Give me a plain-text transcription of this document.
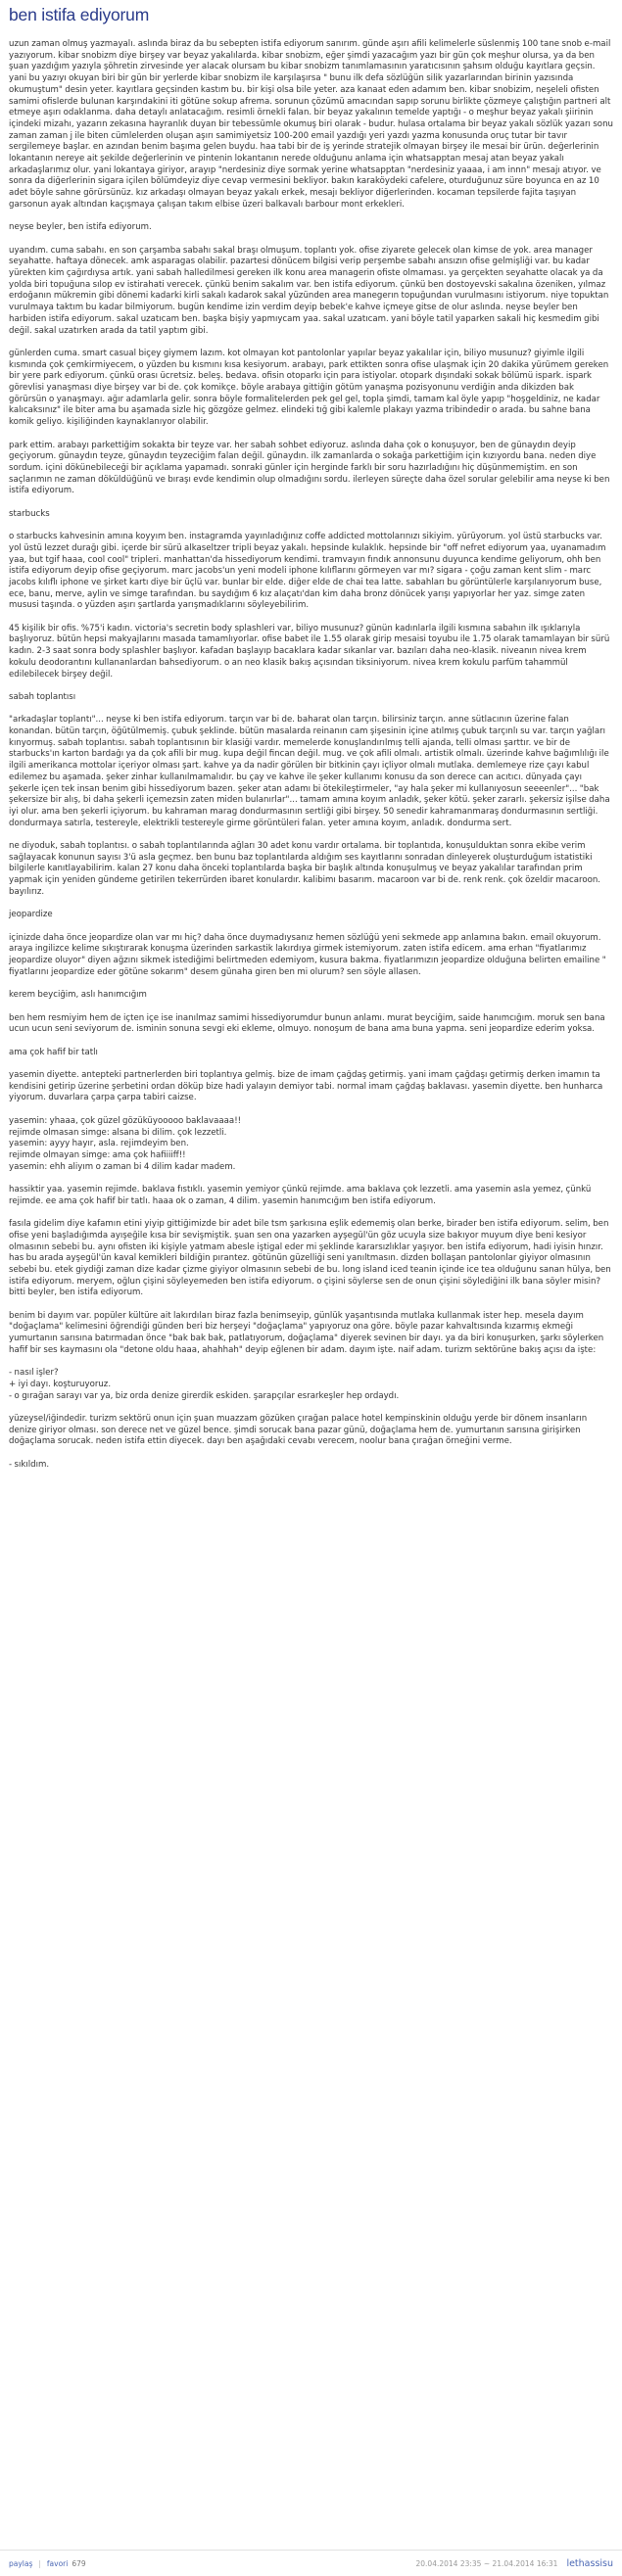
ben istifa ediyorum

uzun zaman olmuş yazmayalı. aslında biraz da bu sebepten istifa ediyorum sanırım. günde aşırı afili kelimelerle süslenmiş 100 tane snob e-mail yazıyorum. kibar snobizm diye birşey var beyaz yakalılarda. kibar snobizm, eğer şimdi yazacağım yazı bir gün çok meşhur olursa, ya da ben şuan yazdığım yazıyla şöhretin zirvesinde yer alacak olursam bu kibar snobizm tanımlamasının yaratıcısının şahsım olduğu kayıtlara geçsin. yani bu yazıyı okuyan biri bir gün bir yerlerde kibar snobizm ile karşılaşırsa " bunu ilk defa sözlüğün silik yazarlarından birinin yazısında okumuştum" desin yeter. kayıtlara geçsinden kastım bu. bir kişi olsa bile yeter. aza kanaat eden adamım ben. kibar snobizim, neşeleli ofisten samimi ofislerde bulunan karşındakini iti götüne sokup afrema. sorunun çözümü amacından sapıp sorunu birlikte çözmeye çalıştığın partneri alt etmeye aşırı odaklanma. daha detaylı anlatacağım. resimli örnekli falan. bir beyaz yakalının temelde yaptığı - o meşhur beyaz yakalı şiirinin içindeki mizahı, yazarın zekasına hayranlık duyan bir tebessümle okumuş biri olarak - budur. hulasa ortalama bir beyaz yakalı sözlük yazarı sonu zaman zaman j ile biten cümlelerden oluşan aşırı samimiyetsiz 100-200 email yazdığı yeri yazdı yazma konusunda oruç tutar bir tavır sergilemeye başlar. en azından benim başıma gelen buydu. haa tabi bir de iş yerinde stratejik olmayan birşey ile mesai bir ürün. değerlerinin lokantanın nereye ait şekilde değerlerinin ve pintenin lokantanın nerede olduğunu anlama için whatsapptan mesaj atan beyaz yakalı arkadaşlarımız olur. yani lokantaya giriyor, arayıp "nerdesiniz diye sormak yerine whatsapptan "nerdesiniz yaaaa, i am innn" mesajı atıyor. ve sonra da diğerlerinin sigara içilen bölümdeyiz diye cevap vermesini bekliyor. bakın karaköydeki cafelere, oturduğunuz süre boyunca en az 10 adet böyle sahne görürsünüz. kız arkadaşı olmayan beyaz yakalı erkek, mesajı bekliyor diğerlerinden. kocaman tepsilerde fajita taşıyan garsonun ayak altından kaçışmaya çalışan takım elbise üzeri balkavalı barbour mont erkekleri.

neyse beyler, ben istifa ediyorum.

uyandım. cuma sabahı. en son çarşamba sabahı sakal braşı olmuşum. toplantı yok. ofise ziyarete gelecek olan kimse de yok. area manager seyahatte. haftaya dönecek. amk asparagas olabilir. pazartesi dönücem bilgisi verip perşembe sabahı ansızın ofise gelmişliği var. bu kadar yürekten kim çağırdıysa artık. yani sabah halledilmesi gereken ilk konu area managerin ofiste olmaması. ya gerçekten seyahatte olacak ya da yolda biri topuğuna sılop ev istirahati verecek. çünkü benim sakalım var. ben istifa ediyorum. çünkü ben dostoyevski sakalına özeniken, yılmaz erdoğanın mükremin gibi dönemi kadarki kirli sakalı kadarok sakal yüzünden area manegerın topuğundan vurulmasını istiyorum. niye topuktan vurulmaya taktım bu kadar bilmiyorum. bugün kendime izin verdim deyip bebek'e kahve içmeye gitse de olur aslında. neyse beyler ben harbiden istifa ediyorum. sakal uzatıcam ben. başka bişiy yapmıycam yaa. sakal uzatıcam. yani böyle tatil yaparken sakali hiç kesmedim gibi değil. sakal uzatırken arada da tatil yaptım gibi.

günlerden cuma. smart casual biçey giymem lazım. kot olmayan kot pantolonlar yapılar beyaz yakalılar için, biliyo musunuz? giyimle ilgili kısmında çok çemkirmiyecem, o yüzden bu kısmını kısa kesiyorum. arabayı, park ettikten sonra ofise ulaşmak için 20 dakika yürümem gereken bir yere park ediyorum. çünkü orası ücretsiz. beleş. bedava. ofisin otoparkı için para istiyolar. otopark dışındaki sokak bölümü ispark. ispark görevlisi yanaşması diye birşey var bi de. çok komikçe. böyle arabaya gittiğin götüm yanaşma pozisyonunu verdiğin anda dikizden bak görürsün o yanaşmayı. ağır adamlarla gelir. sonra böyle formalitelerden pek gel gel, topla şimdi, tamam kal öyle yapıp "hoşgeldiniz, ne kadar kalıcaksınız" ile biter ama bu aşamada sizle hiç gözgöze gelmez. elindeki tığ gibi kalemle plakayı yazma tribindedir o arada. bu sahne bana komik geliyo. kişiliğinden kaynaklanıyor olabilir.

park ettim. arabayı parkettiğim sokakta bir teyze var. her sabah sohbet ediyoruz. aslında daha çok o konuşuyor, ben de günaydın deyip geçiyorum. günaydın teyze, günaydın teyzeciğim falan değil. günaydın. ilk zamanlarda o sokağa parkettiğim için kızıyordu bana. neden diye sordum. içini dökünebileceği bir açıklama yapamadı. sonraki günler için herginde farklı bir soru hazırladığını hiç düşünmemiştim. en son saçlarımın ne zaman döküldüğünü ve bıraşı evde kendimin olup olmadığını sordu. ilerleyen süreçte daha özel sorular gelebilir ama neyse ki ben istifa ediyorum.

starbucks

o starbucks kahvesinin amına koyyım ben. instagramda yayınladığınız coffe addicted mottolarınızı sikiyim. yürüyorum. yol üstü starbucks var. yol üstü lezzet durağı gibi. içerde bir sürü alkaseltzer tripli beyaz yakalı. hepsinde kulaklık. hepsinde bir "off nefret ediyorum yaa, uyanamadım yaa, but tgif haaa, cool cool" tripleri. manhattan'da hissediyorum kendimi. tramvayın fındık annonsunu duyunca kendime geliyorum, ohh ben istifa ediyorum deyip ofise geçiyorum. marc jacobs'un yeni modeli iphone kılıflarını görmeyen var mı? sigara - çoğu zaman kent slim - marc jacobs kılıflı iphone ve şirket kartı diye bir üçlü var. bunlar bir elde. diğer elde de chai tea latte. sabahları bu görüntülerle karşılanıyorum buse, ece, banu, merve, aylin ve simge tarafından. bu saydığım 6 kız alaçatı'dan kim daha bronz dönücek yarışı yapıyorlar her yaz. simge zaten mususi taşında. o yüzden aşırı şartlarda yarışmadıklarını söyleyebilirim.

45 kişilik bir ofis. %75'i kadın. victoria's secretin body splashleri var, biliyo musunuz? günün kadınlarla ilgili kısmına sabahın ilk ışıklarıyla başlıyoruz. bütün hepsi makyajlarını masada tamamlıyorlar. ofise babet ile 1.55 olarak girip mesaisi toyubu ile 1.75 olarak tamamlayan bir sürü kadın. 2-3 saat sonra body splashler başlıyor. kafadan başlayıp bacaklara kadar sıkanlar var. bazıları daha neo-klasik. niveanın nivea krem kokulu deodorantını kullananlardan bahsediyorum. o an neo klasik bakış açısından tiksiniyorum. nivea krem kokulu parfüm tahammül edilebilecek birşey değil.

sabah toplantısı

"arkadaşlar toplantı"... neyse ki ben istifa ediyorum. tarçın var bi de. baharat olan tarçın. bilirsiniz tarçın. anne sütlacının üzerine falan konandan. bütün tarçın, öğütülmemiş. çubuk şeklinde. bütün masalarda reinanın cam şişesinin içine atılmış çubuk tarçınlı su var. tarçın yağları kınyormuş. sabah toplantısı. sabah toplantısının bir klasiği vardır. memelerde konuşlandırılmış telli ajanda, telli olması şarttır. ve bir de starbucks'ın karton bardağı ya da çok afili bir mug. kupa değil fincan değil. mug. ve çok afili olmalı. artistik olmalı. üzerinde kahve bağımlılığı ile ilgili amerikanca mottolar içeriyor olması şart. kahve ya da nadir görülen bir bitkinin çayı içliyor olmalı mutlaka. demlemeye rize çayı kabul edilemez bu aşamada. şeker zinhar kullanılmamalıdır. bu çay ve kahve ile şeker kullanımı konusu da son derece can acıtıcı. dünyada çayı şekerle içen tek insan benim gibi hissediyorum bazen. şeker atan adamı bi ötekileştirmeler, "ay hala şeker mi kullanıyosun seeeenler"... "bak şekersize bir alış, bi daha şekerli içemezsin zaten miden bulanırlar"... tamam amına koyım anladık, şeker kötü. şeker zararlı. şekersiz işilse daha iyi olur. ama ben şekerli içiyorum. bu kahraman marag dondurmasının sertliği gibi birşey. 50 senedir kahramanmaraş dondurmasının sertliği. dondurmaya satırla, testereyle, elektrikli testereyle girme görüntüleri falan. yeter amına koyım, anladık. dondurma sert.

ne diyoduk, sabah toplantısı. o sabah toplantılarında ağları 30 adet konu vardır ortalama. bir toplantıda, konuşulduktan sonra ekibe verim sağlayacak konunun sayısı 3'ü asla geçmez. ben bunu baz toplantılarda aldığım ses kayıtlarını sonradan dinleyerek oluşturduğum istatistiki bilgilerle kanıtlayabilirim. kalan 27 konu daha önceki toplantılarda başka bir başlık altında konuşulmuş ve beyaz yakalılar tarafından prim yapmak için yeniden gündeme getirilen tekerrürden ibaret konulardır. kalibimı basarım. macaroon var bi de. renk renk. çok özeldir macaroon. bayılırız.

jeopardize

içinizde daha önce jeopardize olan var mı hiç? daha önce duymadıysanız hemen sözlüğü yeni sekmede app anlamına bakın. email okuyorum. araya ingilizce kelime sıkıştırarak konuşma üzerinden sarkastik lakırdıya girmek istemiyorum. zaten istifa edicem. ama erhan "fiyatlarımız jeopardize oluyor" diyen ağzını sikmek istediğimi belirtmeden edemiyom, kusura bakma. fiyatlarımızın jeopardize olduğuna belirten emailine " fiyatlarını jeopardize eder götüne sokarım" desem günaha giren ben mi olurum? sen söyle allasen.

kerem beyciğim, aslı hanımcığım

ben hem resmiyim hem de içten içe ise inanılmaz samimi hissediyorumdur bunun anlamı. murat beyciğim, saide hanımcığım. moruk sen bana ucun ucun seni seviyorum de. isminin sonuna sevgi eki ekleme, olmuyo. nonoşum de bana ama buna yapma. seni jeopardize ederim yoksa.

ama çok hafif bir tatlı

yasemin diyette. antepteki partnerlerden biri toplantıya gelmiş. bize de imam çağdaş getirmiş. yani imam çağdaşı getirmiş derken imamın ta kendisini getirip üzerine şerbetini ordan döküp bize hadi yalayın demiyor tabi. normal imam çağdaş baklavası. yasemin diyette. ben hunharca yiyorum. duvarlara çarpa çarpa tabiri caizse.

yasemin: yhaaa, çok güzel gözüküyooooo baklavaaaa!!
rejimde olmasan simge: alsana bi dilim. çok lezzetli.
yasemin: ayyy hayır, asla. rejimdeyim ben.
rejimde olmayan simge: ama çok hafiiiiff!!
yasemin: ehh aliyım o zaman bi 4 dilim kadar madem.

hassiktir yaa. yasemin rejimde. baklava fıstıklı. yasemin yemiyor çünkü rejimde. ama baklava çok lezzetli. ama yasemin asla yemez, çünkü rejimde. ee ama çok hafif bir tatlı. haaa ok o zaman, 4 dilim. yasemin hanımcığım ben istifa ediyorum.

fasıla gidelim diye kafamın etini yiyip gittiğimizde bir adet bile tsm şarkısına eşlik edememiş olan berke, birader ben istifa ediyorum. selim, ben ofise yeni başladığımda ayışeğile kısa bir sevişmiştik. şuan sen ona yazarken ayşegül'ün göz ucuyla size bakıyor muyum diye beni kesiyor olmasının sebebi bu. aynı ofisten iki kişiyle yatmam abesle iştigal eder mi şeklinde kararsızlıklar yaşıyor. ben istifa ediyorum, hadi iyisin hınzır. has bu arada ayşegül'ün kaval kemikleri bildiğin pırantez. götünün güzelliği seni yanıltmasın. dizden bollaşan pantolonlar giyiyor olmasının sebebi bu. etek giydiği zaman dize kadar çizme giyiyor olmasının sebebi de bu. long island iced teanin içinde ice tea olduğunu sanan hülya, ben istifa ediyorum. meryem, oğlun çişini söyleyemeden ben istifa ediyorum. o çişini söylerse sen de onun çişini söylediğini ilk bana söyler misin? bitti beyler, ben istifa ediyorum.

benim bi dayım var. popüler kültüre ait lakırdıları biraz fazla benimseyip, günlük yaşantısında mutlaka kullanmak ister hep. mesela dayım "doğaçlama" kelimesini öğrendiği günden beri biz herşeyi "doğaçlama" yapıyoruz ona göre. böyle pazar kahvaltısında kızarmış ekmeği yumurtanın sarısına batırmadan önce "bak bak bak, patlatıyorum, doğaçlama" diyerek sevinen bir dayı. ya da biri konuşurken, şarkı söylerken hafif bir ses kaymasını ola "detone oldu haaa, ahahhah" deyip eğlenen bir adam. dayım işte. naif adam. turizm sektörüne bakış açısı da işte:

- nasıl işler?
+ iyi dayı. koşturuyoruz.
- o gırağan sarayı var ya, biz orda denize girerdik eskiden. şarapçılar esrarkeşler hep ordaydı.

yüzeysel/iğindedir. turizm sektörü onun için şuan muazzam gözüken çırağan palace hotel kempinskinin olduğu yerde bir dönem insanların denize giriyor olması. son derece net ve güzel bence. şimdi sorucak bana pazar günü, doğaçlama hem de. yumurtanın sarısına girişirken doğaçlama sorucak. neden istifa ettin diyecek. dayı ben aşağıdaki cevabı verecem, noolur bana çırağan örneğini verme.

- sıkıldım.

paylaş | favori 679	20.04.2014 23:35 ~ 21.04.2014 16:31 lethassisu
